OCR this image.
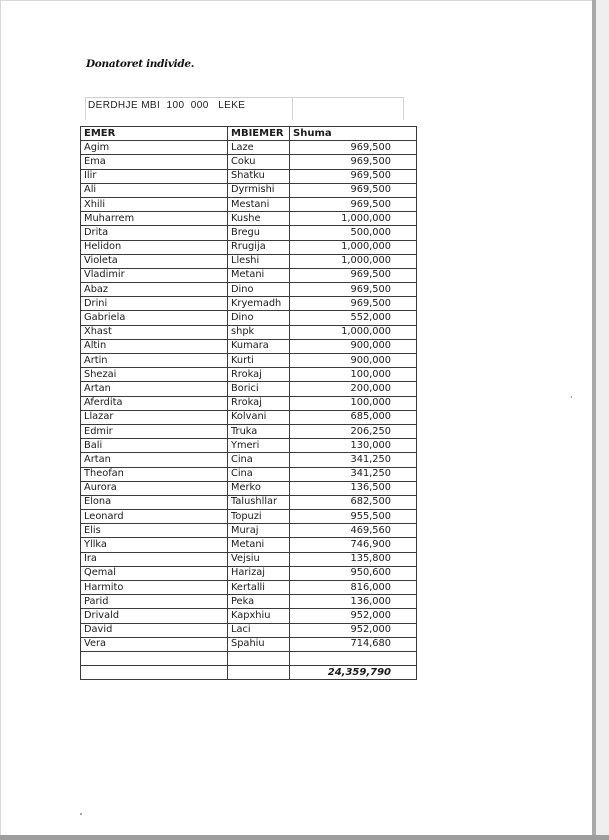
Donatoret individe.
DERDHJE MBI  100  000   LEKE
EMER	MBIEMER	Shuma
Agim	Laze	969,500
Ema	Coku	969,500
Ilir	Shatku	969,500
Ali	Dyrmishi	969,500
Xhili	Mestani	969,500
Muharrem	Kushe	1,000,000
Drita	Bregu	500,000
Helidon	Rrugija	1,000,000
Violeta	Lleshi	1,000,000
Vladimir	Metani	969,500
Abaz	Dino	969,500
Drini	Kryemadh	969,500
Gabriela	Dino	552,000
Xhast	shpk	1,000,000
Altin	Kumara	900,000
Artin	Kurti	900,000
Shezai	Rrokaj	100,000
Artan	Borici	200,000
Aferdita	Rrokaj	100,000
Llazar	Kolvani	685,000
Edmir	Truka	206,250
Bali	Ymeri	130,000
Artan	Cina	341,250
Theofan	Cina	341,250
Aurora	Merko	136,500
Elona	Talushllar	682,500
Leonard	Topuzi	955,500
Elis	Muraj	469,560
Yllka	Metani	746,900
Ira	Vejsiu	135,800
Qemal	Harizaj	950,600
Harmito	Kertalli	816,000
Parid	Peka	136,000
Drivald	Kapxhiu	952,000
David	Laci	952,000
Vera	Spahiu	714,680

		24,359,790
